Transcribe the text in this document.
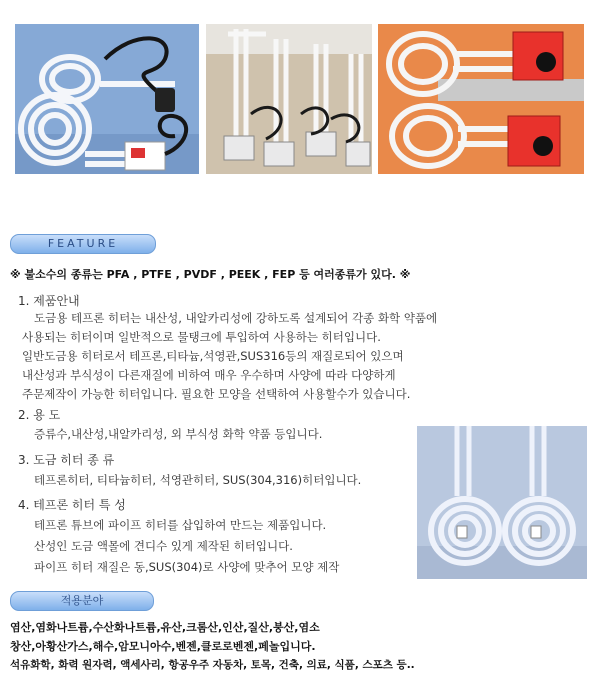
FEATURE
※ 불소수의 종류는 PFA , PTFE , PVDF , PEEK , FEP 등 여러종류가 있다. ※
1. 제품안내
도금용 테프론 히터는 내산성, 내알카리성에 강하도록 설계되어 각종 화학 약품에
사용되는 히터이며 일반적으로 물탱크에 투입하여 사용하는 히터입니다.
일반도금용 히터로서 테프론,티타늄,석영관,SUS316등의 재질로되어 있으며
내산성과 부식성이 다른재질에 비하여 매우 우수하며 사양에 따라 다양하게
주문제작이 가능한 히터입니다. 필요한 모양을 선택하여 사용할수가 있습니다.
2. 용 도
증류수,내산성,내알카리성, 외 부식성 화학 약품 등입니다.
3. 도금 히터 종 류
테프론히터, 티타늄히터, 석영관히터, SUS(304,316)히터입니다.
4. 테프론 히터 특 성
테프론 튜브에 파이프 히터를 삽입하여 만드는 제품입니다.
산성인 도금 액몰에 견디수 있게 제작된 히터입니다.
파이프 히터 재질은 동,SUS(304)로 사양에 맞추어 모양 제작
적용분야
염산,염화나트륨,수산화나트륨,유산,크롬산,인산,질산,붕산,염소
창산,아황산가스,해수,암모니아수,벤젠,클로로벤젠,페놀입니다.
석유화학, 화력 원자력, 액세사리, 항공우주 자동차, 토목, 건축, 의료, 식품, 스포츠 등..
